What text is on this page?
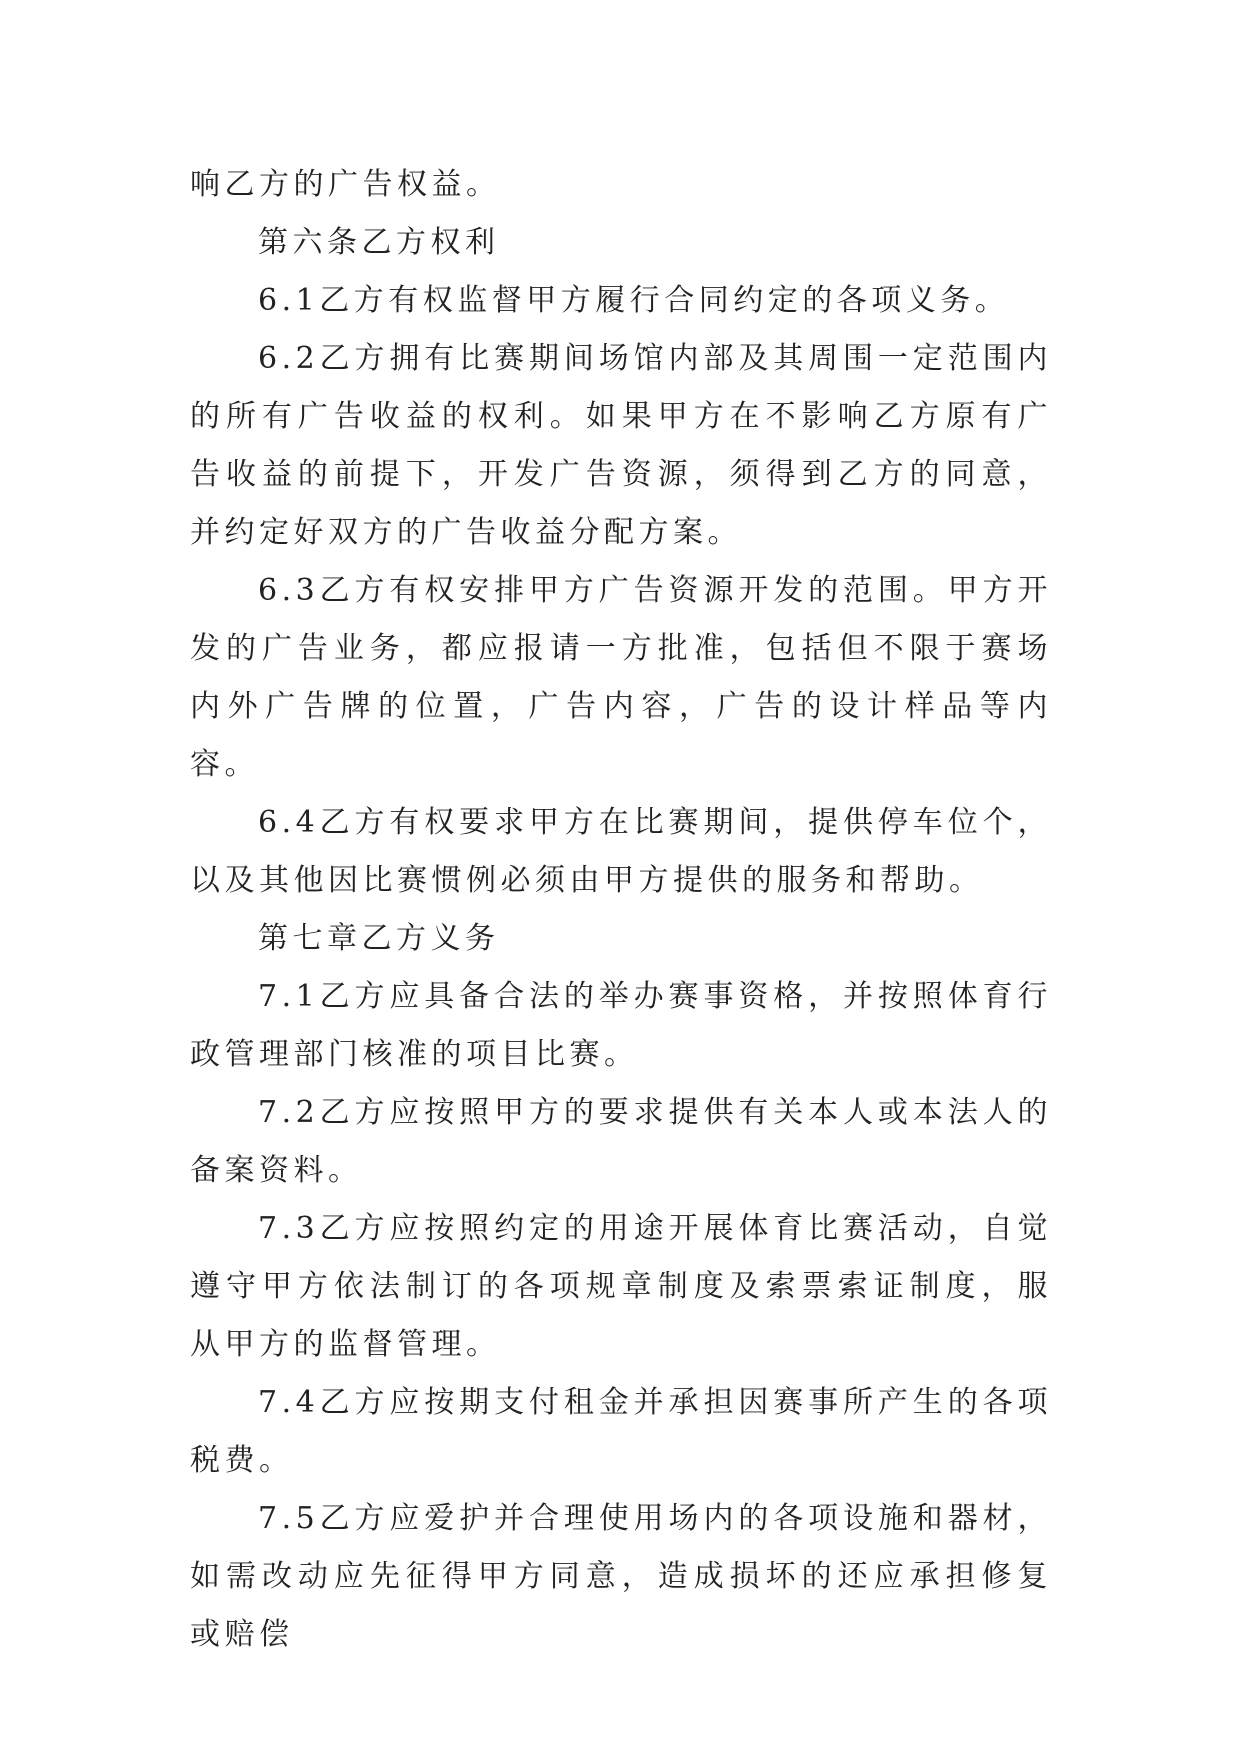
响乙方的广告权益。

第六条乙方权利

6.1乙方有权监督甲方履行合同约定的各项义务。

6.2乙方拥有比赛期间场馆内部及其周围一定范围内的所有广告收益的权利。如果甲方在不影响乙方原有广告收益的前提下，开发广告资源，须得到乙方的同意，并约定好双方的广告收益分配方案。

6.3乙方有权安排甲方广告资源开发的范围。甲方开发的广告业务，都应报请一方批准，包括但不限于赛场内外广告牌的位置，广告内容，广告的设计样品等内容。

6.4乙方有权要求甲方在比赛期间，提供停车位个，以及其他因比赛惯例必须由甲方提供的服务和帮助。

第七章乙方义务

7.1乙方应具备合法的举办赛事资格，并按照体育行政管理部门核准的项目比赛。

7.2乙方应按照甲方的要求提供有关本人或本法人的备案资料。

7.3乙方应按照约定的用途开展体育比赛活动，自觉遵守甲方依法制订的各项规章制度及索票索证制度，服从甲方的监督管理。

7.4乙方应按期支付租金并承担因赛事所产生的各项税费。

7.5乙方应爱护并合理使用场内的各项设施和器材，如需改动应先征得甲方同意，造成损坏的还应承担修复或赔偿
